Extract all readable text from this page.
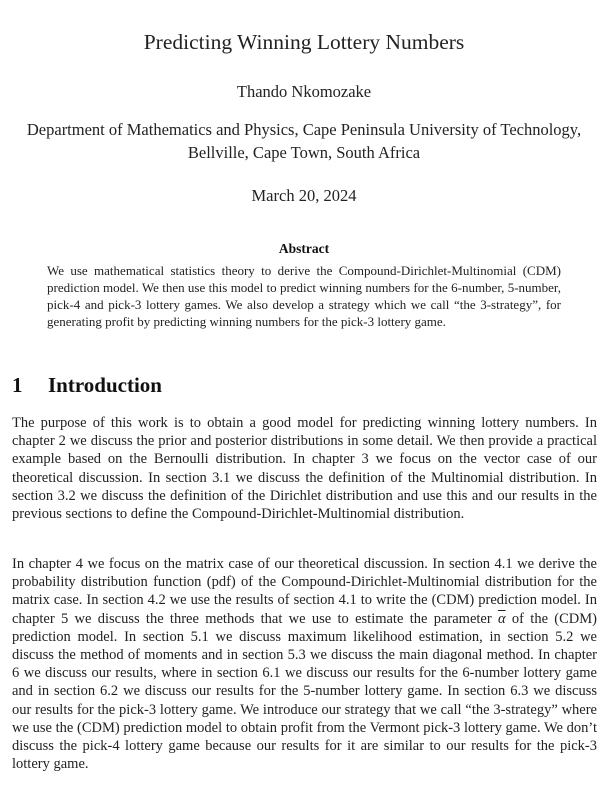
Predicting Winning Lottery Numbers
Thando Nkomozake
Department of Mathematics and Physics, Cape Peninsula University of Technology, Bellville, Cape Town, South Africa
March 20, 2024
Abstract
We use mathematical statistics theory to derive the Compound-Dirichlet-Multinomial (CDM) prediction model. We then use this model to predict winning numbers for the 6-number, 5-number, pick-4 and pick-3 lottery games. We also develop a strategy which we call “the 3-strategy”, for generating profit by predicting winning numbers for the pick-3 lottery game.
1 Introduction

The purpose of this work is to obtain a good model for predicting winning lottery numbers. In chapter 2 we discuss the prior and posterior distributions in some detail. We then provide a practical example based on the Bernoulli distribution. In chapter 3 we focus on the vector case of our theoretical discussion. In section 3.1 we discuss the definition of the Multinomial distribution. In section 3.2 we discuss the definition of the Dirichlet distribution and use this and our results in the previous sections to define the Compound-Dirichlet-Multinomial distribution.

In chapter 4 we focus on the matrix case of our theoretical discussion. In section 4.1 we derive the probability distribution function (pdf) of the Compound-Dirichlet-Multinomial distribution for the matrix case. In section 4.2 we use the results of section 4.1 to write the (CDM) prediction model. In chapter 5 we discuss the three methods that we use to estimate the parameter $\overline{\alpha}$ of the (CDM) prediction model. In section 5.1 we discuss maximum likelihood estimation, in section 5.2 we discuss the method of moments and in section 5.3 we discuss the main diagonal method. In chapter 6 we discuss our results, where in section 6.1 we discuss our results for the 6-number lottery game and in section 6.2 we discuss our results for the 5-number lottery game. In section 6.3 we discuss our results for the pick-3 lottery game. We introduce our strategy that we call “the 3-strategy” where we use the (CDM) prediction model to obtain profit from the Vermont pick-3 lottery game. We don’t discuss the pick-4 lottery game because our results for it are similar to our results for the pick-3 lottery game.
